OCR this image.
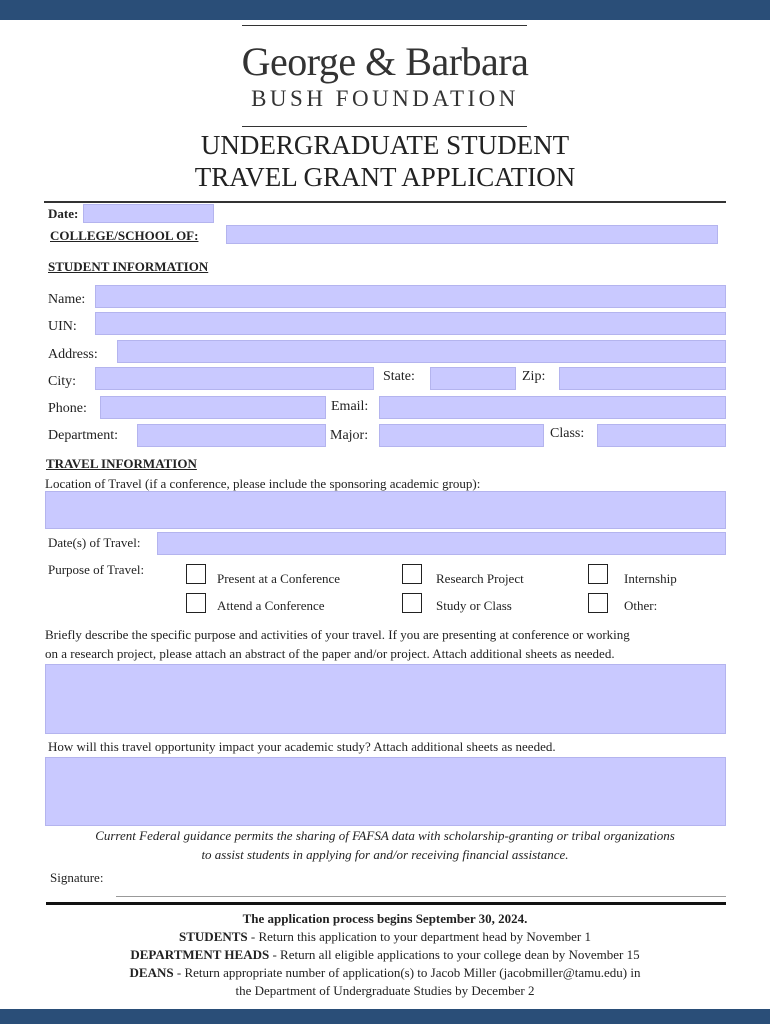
George & Barbara
BUSH FOUNDATION
UNDERGRADUATE STUDENT
TRAVEL GRANT APPLICATION
Date:
COLLEGE/SCHOOL OF:
STUDENT INFORMATION
Name:
UIN:
Address:
City:	State:	Zip:
Phone:	Email:
Department:	Major:	Class:
TRAVEL INFORMATION
Location of Travel (if a conference, please include the sponsoring academic group):
Date(s) of Travel:
Purpose of Travel:
Present at a Conference	Research Project	Internship
Attend a Conference	Study or Class	Other:
Briefly describe the specific purpose and activities of your travel. If you are presenting at conference or working
on a research project, please attach an abstract of the paper and/or project. Attach additional sheets as needed.
How will this travel opportunity impact your academic study? Attach additional sheets as needed.
Current Federal guidance permits the sharing of FAFSA data with scholarship-granting or tribal organizations
to assist students in applying for and/or receiving financial assistance.
Signature:
The application process begins September 30, 2024.
STUDENTS - Return this application to your department head by November 1
DEPARTMENT HEADS - Return all eligible applications to your college dean by November 15
DEANS - Return appropriate number of application(s) to Jacob Miller (jacobmiller@tamu.edu) in
the Department of Undergraduate Studies by December 2
